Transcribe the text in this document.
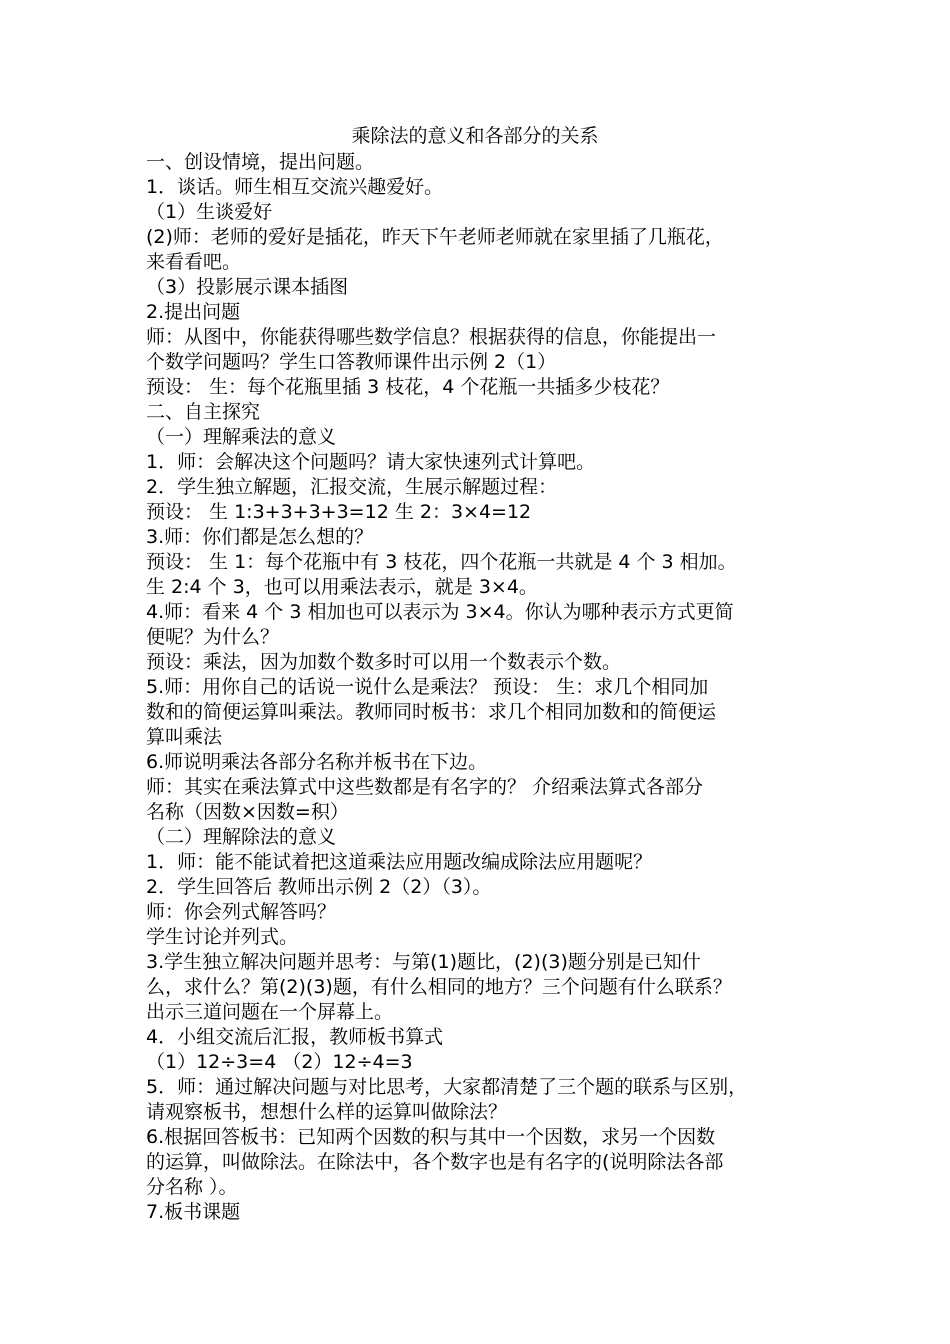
乘除法的意义和各部分的关系
一、创设情境，提出问题。
1．谈话。师生相互交流兴趣爱好。
（1）生谈爱好
(2)师：老师的爱好是插花，昨天下午老师老师就在家里插了几瓶花，
来看看吧。
（3）投影展示课本插图
2.提出问题
师：从图中，你能获得哪些数学信息？根据获得的信息，你能提出一
个数学问题吗？学生口答教师课件出示例 2（1）
预设： 生：每个花瓶里插 3 枝花，4 个花瓶一共插多少枝花？
二、自主探究
（一）理解乘法的意义
1．师：会解决这个问题吗？请大家快速列式计算吧。
2．学生独立解题，汇报交流，生展示解题过程：
预设： 生 1:3+3+3+3=12 生 2：3×4=12
3.师：你们都是怎么想的？
预设： 生 1：每个花瓶中有 3 枝花，四个花瓶一共就是 4 个 3 相加。
生 2:4 个 3，也可以用乘法表示，就是 3×4。
4.师：看来 4 个 3 相加也可以表示为 3×4。你认为哪种表示方式更简
便呢？为什么？
预设：乘法，因为加数个数多时可以用一个数表示个数。
5.师：用你自己的话说一说什么是乘法？ 预设： 生：求几个相同加
数和的简便运算叫乘法。教师同时板书：求几个相同加数和的简便运
算叫乘法
6.师说明乘法各部分名称并板书在下边。
师：其实在乘法算式中这些数都是有名字的？ 介绍乘法算式各部分
名称（因数×因数=积）
（二）理解除法的意义
1．师：能不能试着把这道乘法应用题改编成除法应用题呢？
2．学生回答后 教师出示例 2（2）（3）。
师：你会列式解答吗？
学生讨论并列式。
3.学生独立解决问题并思考：与第(1)题比，(2)(3)题分别是已知什
么，求什么？第(2)(3)题，有什么相同的地方？三个问题有什么联系？
出示三道问题在一个屏幕上。
4．小组交流后汇报，教师板书算式
（1）12÷3=4 （2）12÷4=3
5．师：通过解决问题与对比思考，大家都清楚了三个题的联系与区别，
请观察板书，想想什么样的运算叫做除法？
6.根据回答板书：已知两个因数的积与其中一个因数，求另一个因数
的运算，叫做除法。在除法中，各个数字也是有名字的(说明除法各部
分名称 ）。
7.板书课题
